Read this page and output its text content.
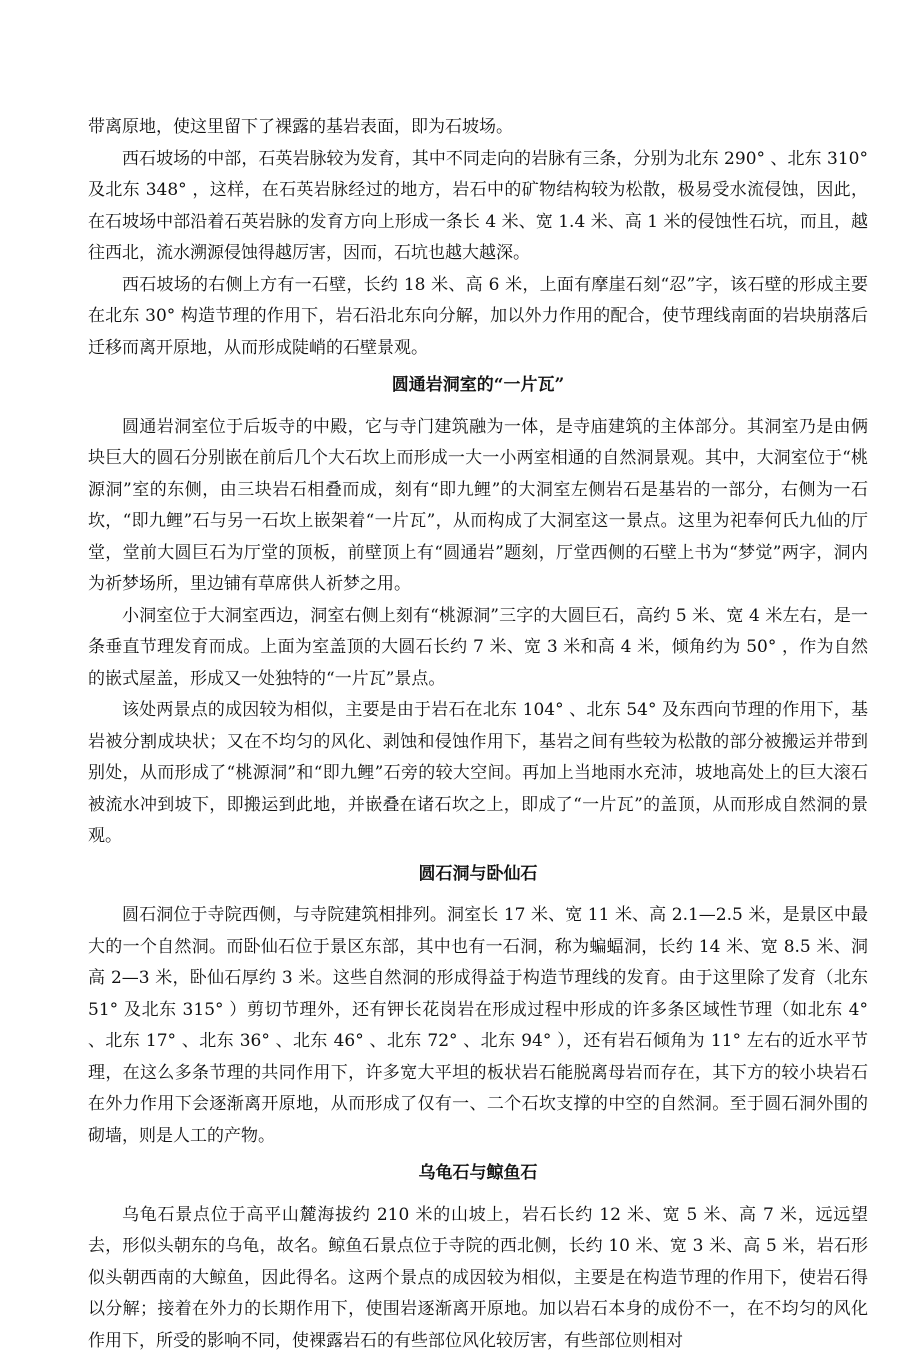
带离原地，使这里留下了裸露的基岩表面，即为石坡场。

西石坡场的中部，石英岩脉较为发育，其中不同走向的岩脉有三条，分别为北东 290° 、北东 310° 及北东 348° ，这样，在石英岩脉经过的地方，岩石中的矿物结构较为松散，极易受水流侵蚀，因此，在石坡场中部沿着石英岩脉的发育方向上形成一条长 4 米、宽 1.4 米、高 1 米的侵蚀性石坑，而且，越往西北，流水溯源侵蚀得越厉害，因而，石坑也越大越深。

西石坡场的右侧上方有一石壁，长约 18 米、高 6 米，上面有摩崖石刻“忍”字，该石壁的形成主要在北东 30° 构造节理的作用下，岩石沿北东向分解，加以外力作用的配合，使节理线南面的岩块崩落后迁移而离开原地，从而形成陡峭的石壁景观。

圆通岩洞室的“一片瓦”

圆通岩洞室位于后坂寺的中殿，它与寺门建筑融为一体，是寺庙建筑的主体部分。其洞室乃是由俩块巨大的圆石分别嵌在前后几个大石坎上而形成一大一小两室相通的自然洞景观。其中，大洞室位于“桃源洞”室的东侧，由三块岩石相叠而成，刻有“即九鲤”的大洞室左侧岩石是基岩的一部分，右侧为一石坎，“即九鲤”石与另一石坎上嵌架着“一片瓦”，从而构成了大洞室这一景点。这里为祀奉何氏九仙的厅堂，堂前大圆巨石为厅堂的顶板，前壁顶上有“圆通岩”题刻，厅堂西侧的石壁上书为“梦觉”两字，洞内为祈梦场所，里边铺有草席供人祈梦之用。

小洞室位于大洞室西边，洞室右侧上刻有“桃源洞”三字的大圆巨石，高约 5 米、宽 4 米左右，是一条垂直节理发育而成。上面为室盖顶的大圆石长约 7 米、宽 3 米和高 4 米，倾角约为 50° ，作为自然的嵌式屋盖，形成又一处独特的“一片瓦”景点。

该处两景点的成因较为相似，主要是由于岩石在北东 104° 、北东 54° 及东西向节理的作用下，基岩被分割成块状；又在不均匀的风化、剥蚀和侵蚀作用下，基岩之间有些较为松散的部分被搬运并带到别处，从而形成了“桃源洞”和“即九鲤”石旁的较大空间。再加上当地雨水充沛，坡地高处上的巨大滚石被流水冲到坡下，即搬运到此地，并嵌叠在诸石坎之上，即成了“一片瓦”的盖顶，从而形成自然洞的景观。

圆石洞与卧仙石

圆石洞位于寺院西侧，与寺院建筑相排列。洞室长 17 米、宽 11 米、高 2.1—2.5 米，是景区中最大的一个自然洞。而卧仙石位于景区东部，其中也有一石洞，称为蝙蝠洞，长约 14 米、宽 8.5 米、洞高 2—3 米，卧仙石厚约 3 米。这些自然洞的形成得益于构造节理线的发育。由于这里除了发育（北东 51° 及北东 315° ）剪切节理外，还有钾长花岗岩在形成过程中形成的许多条区域性节理（如北东 4° 、北东 17° 、北东 36° 、北东 46° 、北东 72° 、北东 94° ），还有岩石倾角为 11° 左右的近水平节理，在这么多条节理的共同作用下，许多宽大平坦的板状岩石能脱离母岩而存在，其下方的较小块岩石在外力作用下会逐渐离开原地，从而形成了仅有一、二个石坎支撑的中空的自然洞。至于圆石洞外围的砌墙，则是人工的产物。

乌龟石与鲸鱼石

乌龟石景点位于高平山麓海拔约 210 米的山坡上，岩石长约 12 米、宽 5 米、高 7 米，远远望去，形似头朝东的乌龟，故名。鲸鱼石景点位于寺院的西北侧，长约 10 米、宽 3 米、高 5 米，岩石形似头朝西南的大鲸鱼，因此得名。这两个景点的成因较为相似，主要是在构造节理的作用下，使岩石得以分解；接着在外力的长期作用下，使围岩逐渐离开原地。加以岩石本身的成份不一，在不均匀的风化作用下，所受的影响不同，使裸露岩石的有些部位风化较厉害，有些部位则相对
